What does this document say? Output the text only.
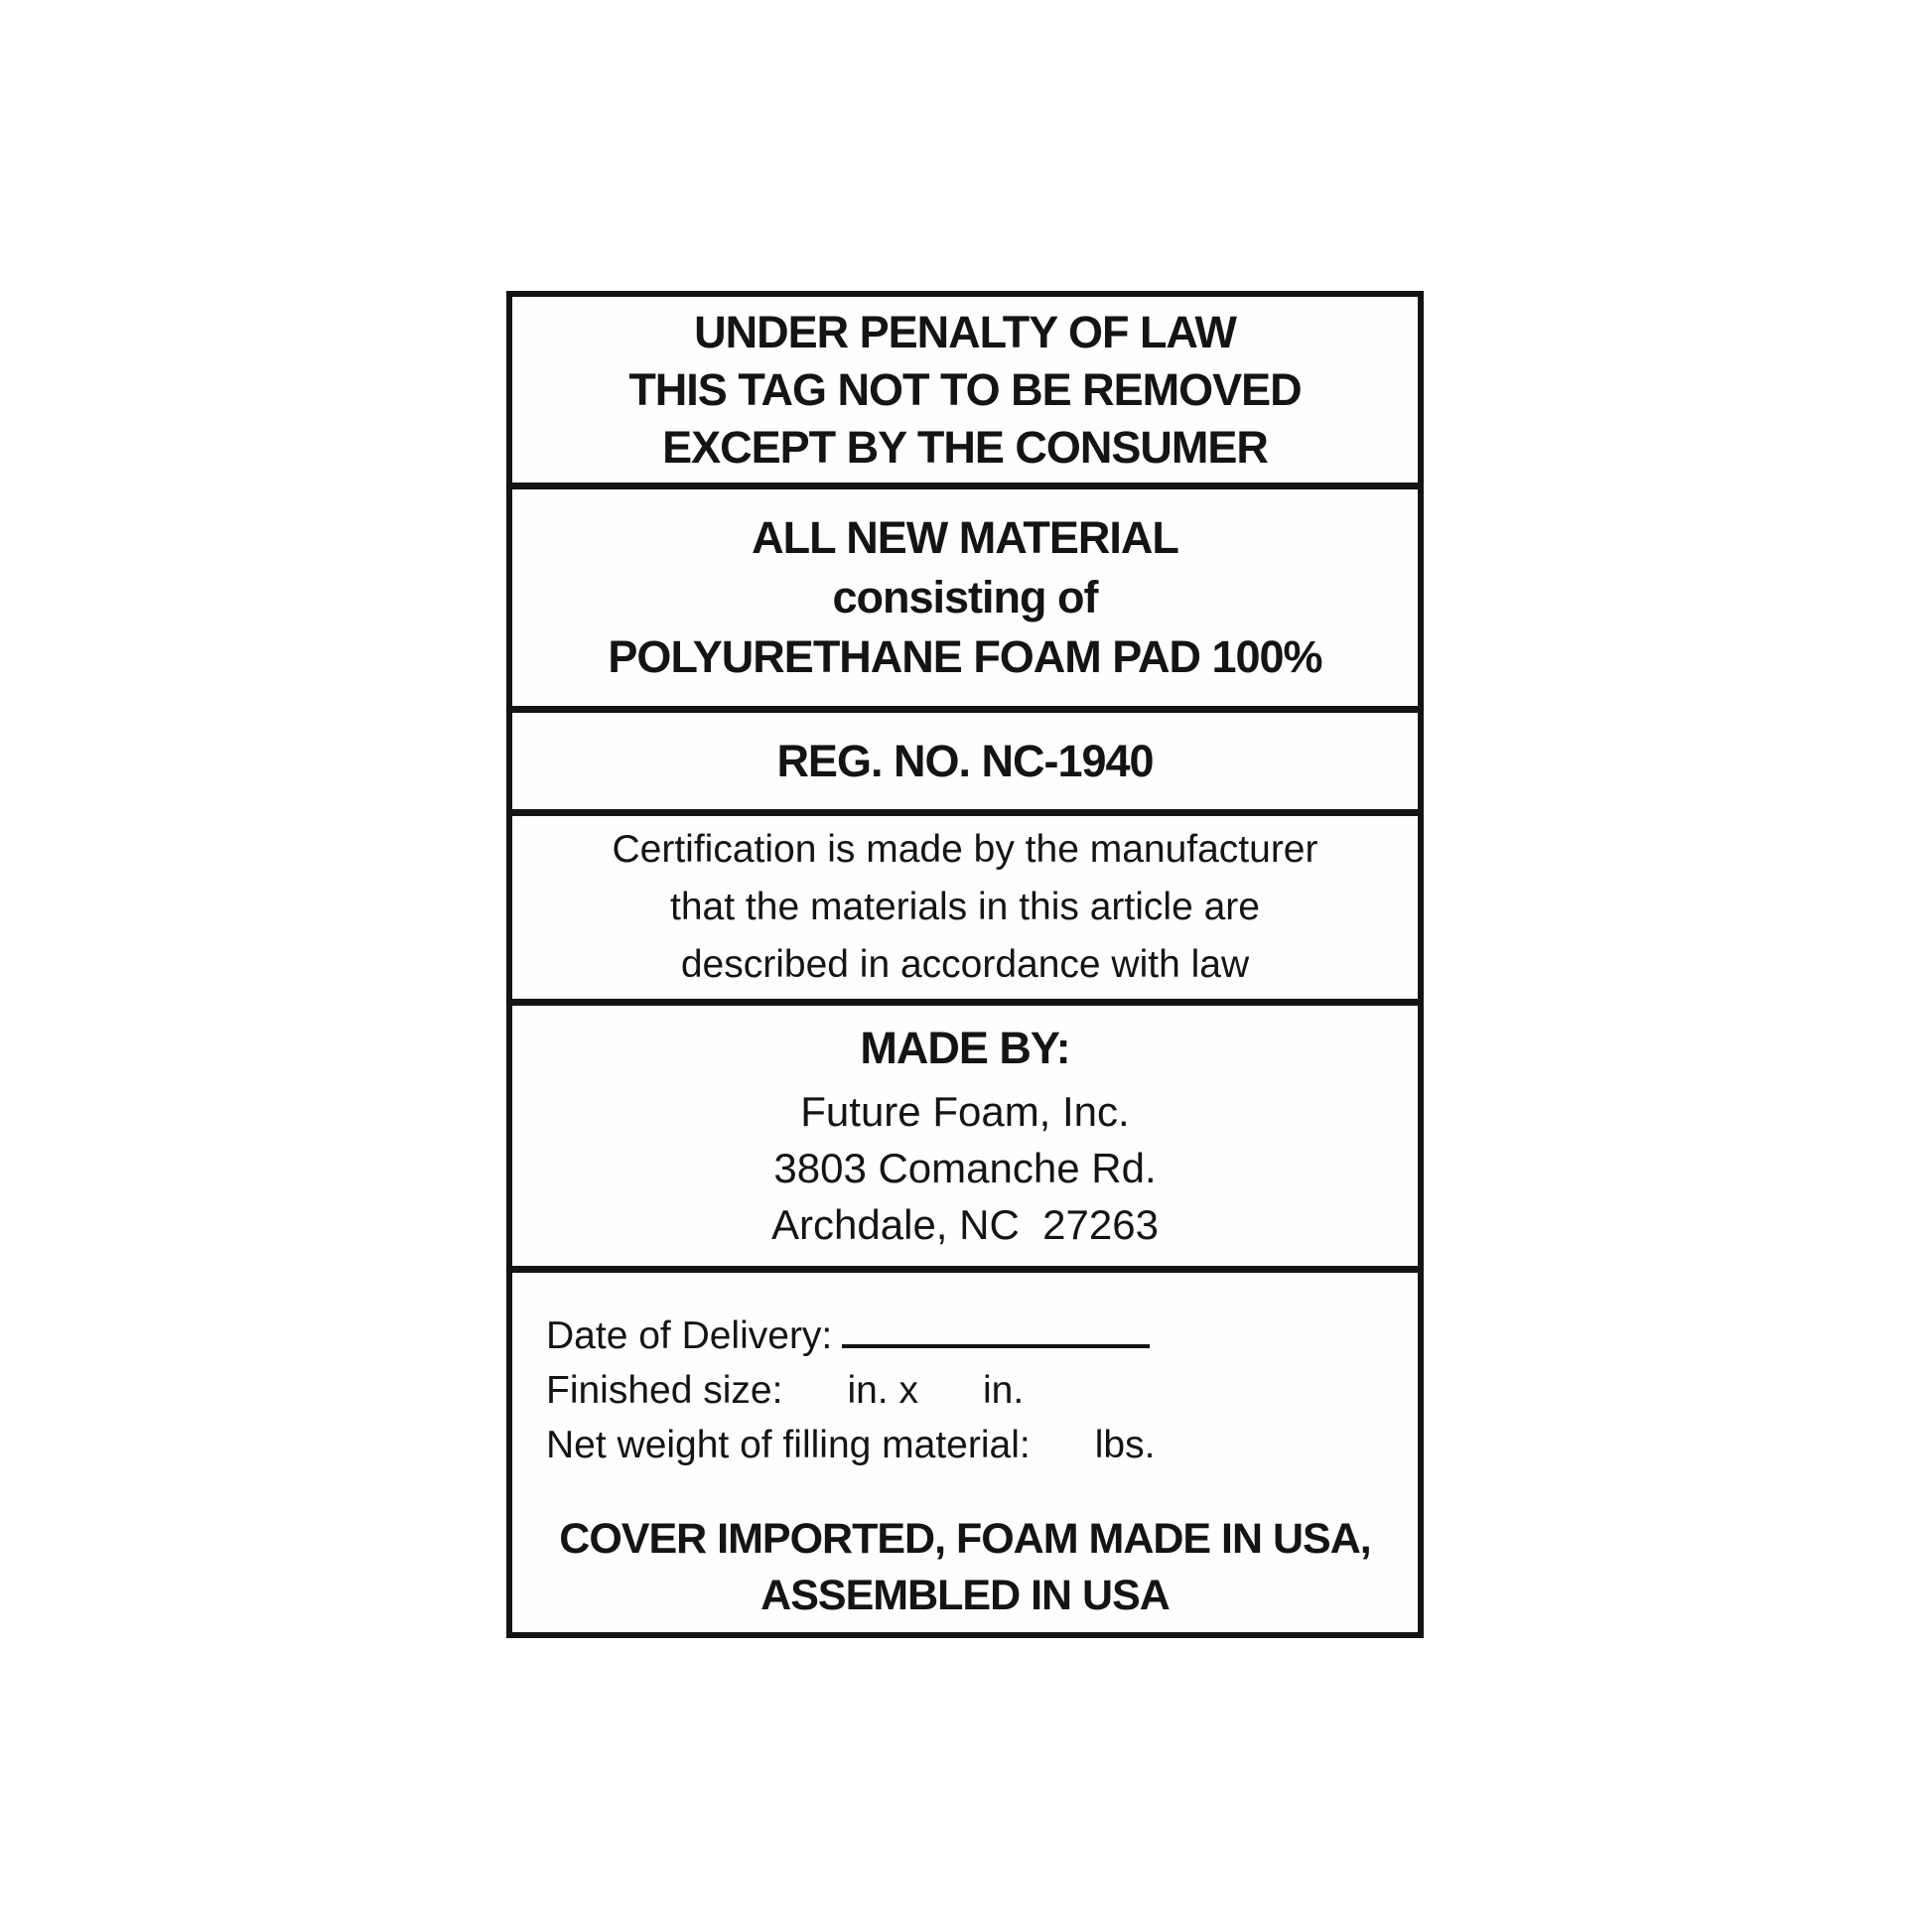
UNDER PENALTY OF LAW
THIS TAG NOT TO BE REMOVED
EXCEPT BY THE CONSUMER
ALL NEW MATERIAL
consisting of
POLYURETHANE FOAM PAD 100%
REG. NO. NC-1940
Certification is made by the manufacturer
that the materials in this article are
described in accordance with law
MADE BY:
Future Foam, Inc.
3803 Comanche Rd.
Archdale, NC  27263
Date of Delivery:
Finished size:      in. x      in.
Net weight of filling material:      lbs.
COVER IMPORTED, FOAM MADE IN USA,
ASSEMBLED IN USA
